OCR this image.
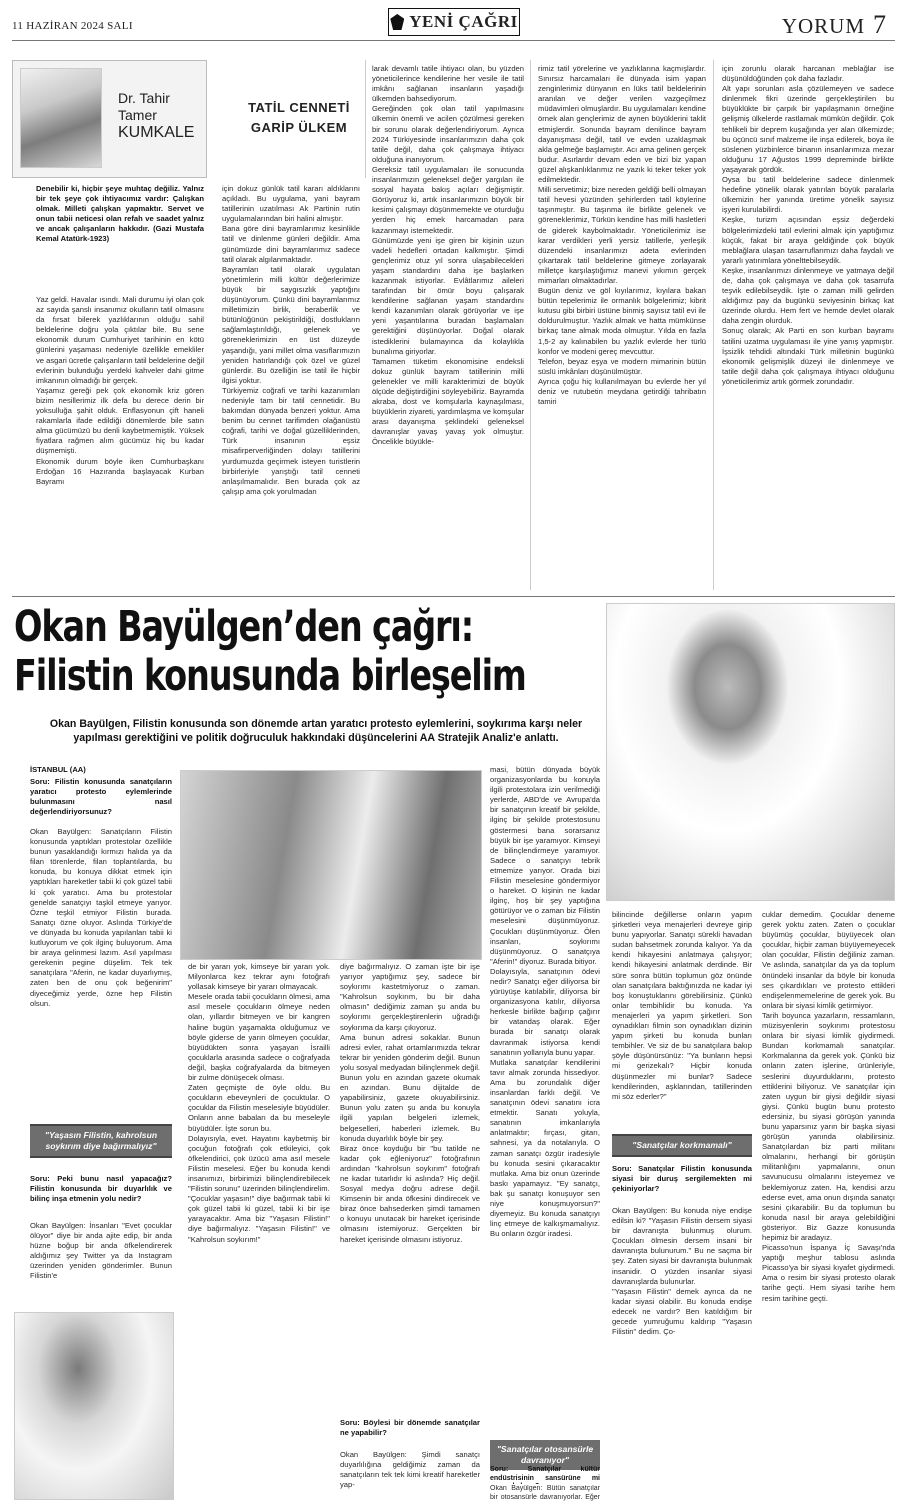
11 HAZİRAN 2024 SALI	YENİ ÇAĞRI	YORUM 7
Dr. Tahir
Tamer
KUMKALE
TATİL CENNETİ
GARİP ÜLKEM
Denebilir ki, hiçbir şeye muhtaç değiliz. Yalnız bir tek şeye çok ihtiyacımız vardır: Çalışkan olmak. Milleti çalışkan yapmaktır. Servet ve onun tabii neticesi olan refah ve saadet yalnız ve ancak çalışanların hakkıdır. (Gazi Mustafa Kemal Atatürk-1923)
Yaz geldi. Havalar ısındı. Mali durumu iyi olan çok az sayıda şanslı insanımız okulların tatil olmasını da fırsat bilerek yazlıklarının olduğu sahil beldelerine doğru yola çıktılar bile. Bu sene ekonomik durum Cumhuriyet tarihinin en kötü günlerini yaşaması nedeniyle özellikle emekliler ve asgari ücretle çalışanların tatil beldelerine değil evlerinin bulunduğu yerdeki kahveler dahi gitme imkanının olmadığı bir gerçek.
Yaşamız gereği pek çok ekonomik kriz gören bizim nesillerimiz ilk defa bu derece derin bir yoksulluğa şahit olduk. Enflasyonun çift haneli rakamlarla ifade edildiği dönemlerde bile satın alma gücümüzü bu denli kaybetmemiştik. Yüksek fiyatlara rağmen alım gücümüz hiç bu kadar düşmemişti.
Ekonomik durum böyle iken Cumhurbaşkanı Erdoğan 16 Hazıranda başlayacak Kurban Bayramı
için dokuz günlük tatil kararı aldıklarını açıkladı. Bu uygulama, yani bayram tatillerinin uzatılması Ak Partinin rutin uygulamalarından biri halini almıştır.
Bana göre dini bayramlarımız kesinlikle tatil ve dinlenme günleri değildir. Ama günümüzde dini bayramlarımız sadece tatil olarak algılanmaktadır.
Bayramları tatil olarak uygulatan yönetimlerin milli kültür değerlerimize büyük bir saygısızlık yaptığını düşünüyorum. Çünkü dini bayramlarımız milletimizin birlik, beraberlik ve bütünlüğünün pekiştirildiği, dostlukların sağlamlaştırıldığı, gelenek ve göreneklerimizin en üst düzeyde yaşandığı, yani millet olma vasıflarımızın yeniden hatırlandığı çok özel ve güzel günlerdir. Bu özelliğin ise tatil ile hiçbir ilgisi yoktur.
Türkiyemiz coğrafi ve tarihi kazanımları nedeniyle tam bir tatil cennetidir. Bu bakımdan dünyada benzeri yoktur. Ama benim bu cennet tarifimden olağanüstü coğrafi, tarihi ve doğal güzelliklerinden, Türk insanının eşsiz misafirperverliğinden dolayı tatillerini yurdumuzda geçirmek isteyen turistlerin birbirleriyle yarıştığı tatil cenneti anlaşılmamalıdır. Ben burada çok az çalışıp ama çok yorulmadan
larak devamlı tatile ihtiyacı olan, bu yüzden yöneticilerince kendilerine her vesile ile tatil imkânı sağlanan insanların yaşadığı ülkemden bahsediyorum.
Gereğinden çok olan tatil yapılmasını ülkemin önemli ve acilen çözülmesi gereken bir sorunu olarak değerlendiriyorum. Ayrıca 2024 Türkiyesinde insanlarımızın daha çok tatile değil, daha çok çalışmaya ihtiyacı olduğuna inanıyorum.
Gereksiz tatil uygulamaları ile sonucunda insanlarımızın geleneksel değer yargıları ile sosyal hayata bakış açıları değişmiştir. Görüyoruz ki, artık insanlarımızın büyük bir kesimi çalışmayı düşünmemekte ve oturduğu yerden hiç emek harcamadan para kazanmayı istemektedir.
Günümüzde yeni işe giren bir kişinin uzun vadeli hedefleri ortadan kalkmıştır. Şimdi gençlerimiz otuz yıl sonra ulaşabilecekleri yaşam standardını daha işe başlarken kazanmak istiyorlar. Evlâtlarımız aileleri tarafından bir ömür boyu çalışarak kendilerine sağlanan yaşam standardını kendi kazanımları olarak görüyorlar ve işe yeni yaşantılarına buradan başlamaları gerektiğini düşünüyorlar. Doğal olarak istediklerini bulamayınca da kolaylıkla bunalıma giriyorlar.
Tamamen tüketim ekonomisine endeksli dokuz günlük bayram tatillerinin milli gelenekler ve milli karakterimizi de büyük ölçüde değiştirdiğini söyleyebiliriz. Bayramda akraba, dost ve komşularla kaynaşılması, büyüklerin ziyareti, yardımlaşma ve komşular arası dayanışma şeklindeki geleneksel davranışlar yavaş yavaş yok olmuştur. Öncelikle büyükle-
rimiz tatil yörelerine ve yazlıklarına kaçmışlardır. Sınırsız harcamaları ile dünyada isim yapan zenginlerimiz dünyanın en lüks tatil beldelerinin aranılan ve değer verilen vazgeçilmez müdavimleri olmuşlardır. Bu uygulamaları kendine örnek alan gençlerimiz de aynen büyüklerini taklit etmişlerdir. Sonunda bayram denilince bayram dayanışması değil, tatil ve evden uzaklaşmak akla gelmeğe başlamıştır. Acı ama gelinen gerçek budur. Asırlardır devam eden ve bizi biz yapan güzel alışkanlıklarımız ne yazık ki teker teker yok edilmektedir.
Milli servetimiz; bize nereden geldiği belli olmayan tatil hevesi yüzünden şehirlerden tatil köylerine taşınmıştır. Bu taşınma ile birlikte gelenek ve göreneklerimiz, Türkün kendine has milli hasletleri de giderek kaybolmaktadır. Yöneticilerimiz ise karar verdikleri yerli yersiz tatillerle, yerleşik düzendeki insanlarımızı adeta evlerinden çıkartarak tatil beldelerine gitmeye zorlayarak milletçe karşılaştığımız manevi yıkımın gerçek mimarları olmaktadırlar.
Bugün deniz ve göl kıyılarımız, kıyılara bakan bütün tepelerimiz ile ormanlık bölgelerimiz; kibrit kutusu gibi birbiri üstüne binmiş sayısız tatil evi ile doldurulmuştur. Yazlık almak ve hatta mümkünse birkaç tane almak moda olmuştur. Yılda en fazla 1,5-2 ay kalınabilen bu yazlık evlerde her türlü konfor ve modeni gereç mevcuttur.
Telefon, beyaz eşya ve modern mimarinin bütün süslü imkânları düşünülmüştür.
Ayrıca çoğu hiç kullanılmayan bu evlerde her yıl deniz ve rutubetin meydana getirdiği tahribatın tamiri
için zorunlu olarak harcanan meblağlar ise düşünüldüğünden çok daha fazladır.
Alt yapı sorunları asla çözülemeyen ve sadece dinlenmek fikri üzerinde gerçekleştirilen bu büyüklükte bir çarpık bir yapılaşmanın örneğine gelişmiş ülkelerde rastlamak mümkün değildir. Çok tehlikeli bir deprem kuşağında yer alan ülkemizde; bu üçüncü sınıf malzeme ile inşa edilerek, boya ile süslenen yüzbinlerce binanın insanlarımıza mezar olduğunu 17 Ağustos 1999 depreminde birlikte yaşayarak gördük.
Oysa bu tatil beldelerine sadece dinlenmek hedefine yönelik olarak yatırılan büyük paralarla ülkemizin her yanında üretime yönelik sayısız işyeri kurulabilirdi.
Keşke, turizm açısından eşsiz değerdeki bölgelerimizdeki tatil evlerini almak için yaptığımız küçük, fakat bir araya geldiğinde çok büyük meblağlara ulaşan tasarruflarımızı daha faydalı ve yararlı yatırımlara yönelttebilseydik.
Keşke, insanlarımızı dinlenmeye ve yatmaya değil de, daha çok çalışmaya ve daha çok tasarrufa teşvik edilebilseydik. İşte o zaman milli gelirden aldığımız pay da bugünkü seviyesinin birkaç kat üzerinde olurdu. Hem fert ve hemde devlet olarak daha zengin olurduk.
Sonuç olarak; Ak Parti en son kurban bayramı tatilini uzatma uygulaması ile yine yanış yapmıştır. İşsizlik tehdidi altındaki Türk milletinin bugünkü ekonomik gelişmişlik düzeyi ile dinlenmeye ve tatile değil daha çok çalışmaya ihtiyacı olduğunu yöneticilerimiz artık görmek zorundadır.
Okan Bayülgen’den çağrı:
Filistin konusunda birleşelim
Okan Bayülgen, Filistin konusunda son dönemde artan yaratıcı protesto eylemlerini, soykırıma karşı neler yapılması gerektiğini ve politik doğruculuk hakkındaki düşüncelerini AA Stratejik Analiz'e anlattı.
İSTANBUL (AA)
Soru: Filistin konusunda sanatçıların yaratıcı protesto eylemlerinde bulunmasını nasıl değerlendiriyorsunuz?
Okan Bayülgen: Sanatçıların Filistin konusunda yaptıkları protestolar özellikle bunun yasaklandığı kırmızı halıda ya da filan törenlerde, filan toplantılarda, bu konuda, bu konuya dikkat etmek için yaptıkları hareketler tabii ki çok güzel tabii ki çok yaratıcı. Ama bu protestolar genelde sanatçıyı taşkil etmeye yarıyor. Özne teşkil etmiyor Filistin burada. Sanatçı özne oluyor. Aslında Türkiye'de ve dünyada bu konuda yapılanları tabii ki kutluyorum ve çok ilginç buluyorum. Ama bir araya gelinmesi lazım. Asıl yapılması gerekenin pegine düşelim. Tek tek sanatçılara "Aferin, ne kadar duyarlıymış, zaten ben de onu çok beğenirim" diyeceğimiz yerde, özne hep Filistin olsun.
"Yaşasın Filistin, kahrolsun soykırım diye bağırmalıyız"
Soru: Peki bunu nasıl yapacağız? Filistin konusunda bir duyarlılık ve bilinç inşa etmenin yolu nedir?
Okan Bayülgen: İnsanları "Evet çocuklar ölüyor" diye bir anda ajite edip, bir anda hüzne boğup bir anda öfkelendirerek aldığımız şey Twitter ya da Instagram üzerinden yeniden gönderimler. Bunun Filistin'e
de bir yararı yok, kimseye bir yararı yok. Milyonlarca kez tekrar aynı fotoğrafı yollasak kimseye bir yararı olmayacak.
Mesele orada tabii çocukların ölmesi, ama asıl mesele çocukların ölmeye neden olan, yıllardır bitmeyen ve bir kangren haline bugün yaşamakta olduğumuz ve böyle giderse de yarın ölmeyen çocuklar, büyüdükten sonra yaşayan İsrailli çocuklarla arasında sadece o coğrafyada değil, başka coğrafyalarda da bitmeyen bir zulme dönüşecek olması.
Zaten geçmişte de öyle oldu. Bu çocukların ebeveynleri de çocuktular. O çocuklar da Filistin meselesiyle büyüdüler. Onların anne babaları da bu meseleyle büyüdüler. İşte sorun bu.
Dolayısıyla, evet. Hayatını kaybetmiş bir çocuğun fotoğrafı çok etkileyici, çok öfkelendirici, çok üzücü ama asıl mesele Filistin meselesi. Eğer bu konuda kendi insanımızı, birbirimizi bilinçlendirebilecek "Filistin sorunu" üzerinden bilinçlendirelim.
"Çocuklar yaşasın!" diye bağırmak tabii ki çok güzel tabii ki güzel, tabii ki bir işe yarayacaktır. Ama biz "Yaşasın Filistin!" diye bağırmalıyız. "Yaşasın Filistin!" ve "Kahrolsun soykırım!"
diye bağırmalıyız. O zaman işte bir işe yarıyor yaptığımız şey, sadece bir soykırımı kastetmiyoruz o zaman. "Kahrolsun soykırım, bu bir daha olmasın" dediğimiz zaman şu anda bu soykırımı gerçekleştirenlerin uğradığı soykırıma da karşı çıkıyoruz.
Ama bunun adresi sokaklar. Bunun adresi evler, rahat ortamlarımızda tekrar tekrar bir yeniden gönderim değil. Bunun yolu sosyal medyadan bilinçlenmek değil. Bunun yolu en azından gazete okumak en azından. Bunu dijitalde de yapabilirsiniz, gazete okuyabilirsiniz. Bunun yolu zaten şu anda bu konuyla ilgili yapılan belgeleri izlemek, belgeselleri, haberleri izlemek. Bu konuda duyarlılık böyle bir şey.
Biraz önce koyduğu bir "bu tatilde ne kadar çok eğleniyoruz" fotoğrafının ardından "kahrolsun soykırım" fotoğrafı ne kadar tutarlıdır ki aslında? Hiç değil. Sosyal medya doğru adrese değil. Kimsenin bir anda öfkesini dindirecek ve biraz önce bahsederken şimdi tamamen o konuyu unutacak bir hareket içerisinde olmasını istemiyoruz. Gerçekten bir hareket içerisinde olmasını istiyoruz.
Soru: Böylesi bir dönemde sanatçılar ne yapabilir?
Okan Bayülgen: Şimdi sanatçı duyarlılığına geldiğimiz zaman da sanatçıların tek tek kimi kreatif hareketler yap-
masi, bütün dünyada büyük organizasyonlarda bu konuyla ilgili protestolara izin verilmediği yerlerde, ABD'de ve Avrupa'da bir sanatçının kreatif bir şekilde, ilginç bir şekilde protestosunu göstermesi bana sorarsanız büyük bir işe yaramıyor. Kimseyi de bilinçlendirmeye yaramıyor. Sadece o sanatçıyı tebrik etmemize yarıyor. Orada bizi Filistin meselesine göndermiyor o hareket. O kişinin ne kadar ilginç, hoş bir şey yaptığına götürüyor ve o zaman biz Filistin meselesini düşünmüyoruz. Çocukları düşünmüyoruz. Ölen insanları, soykırımı düşünmüyoruz. O sanatçıya "Aferin!" diyoruz. Burada bitiyor.
Dolayısıyla, sanatçının ödevi nedir? Sanatçı eğer diliyorsa bir yürüyüşe katılabilir, diliyorsa bir organizasyona katılır, diliyorsa herkesle birlikte bağırıp çağırır bir vatandaş olarak. Eğer burada bir sanatçı olarak davranmak istiyorsa kendi sanatının yollarıyla bunu yapar.
Mutlaka sanatçılar kendilerini tavır almak zorunda hissediyor. Ama bu zorundalık diğer insanlardan farklı değil. Ve sanatçının ödevi sanatını icra etmektir. Sanatı yoluyla, sanatının imkanlarıyla anlatmaktır; fırçası, gitarı, sahnesi, ya da notalarıyla. O zaman sanatçı özgür iradesiyle bu konuda sesini çıkaracaktır mutlaka. Ama biz onun üzerinde baskı yapamayız. "Ey sanatçı, bak şu sanatçı konuşuyor sen niye konuşmuyorsun?" diyemeyiz. Bu konuda sanatçıyı linç etmeye de kalkışmamalıyız. Bu onların özgür iradesi.
"Sanatçılar otosansürle davranıyor"
Soru: Sanatçılar kültür endüstrisinin sansürüne mi
Okan Bayülgen: Bütün sanatçılar bir otosansürle davranıyorlar. Eğer
bilincinde değillerse onların yapım şirketleri veya menajerleri devreye girip bunu yapıyorlar. Sanatçı sürekli havadan sudan bahsetmek zorunda kalıyor. Ya da kendi hikayesini anlatmaya çalışıyor; kendi hikayesini anlatmak derdinde. Bir süre sonra bütün toplumun göz önünde olan sanatçılara baktığınızda ne kadar iyi boş konuştuklarını görebilirsiniz. Çünkü onlar tembihlidir bu konuda. Ya menajerleri ya yapım şirketleri. Son oynadıkları filmin son oynadıkları dizinin yapım şirketi bu konuda bunları tembihler. Ve siz de bu sanatçılara bakıp şöyle düşünürsünüz: "Ya bunların hepsi mi gerizekalı? Hiçbir konuda düşünmezler mi bunlar? Sadece kendilerinden, aşklarından, tatillerinden mi söz ederler?"
"Sanatçılar korkmamalı"
Soru: Sanatçılar Filistin konusunda siyasi bir duruş sergilemekten mi çekiniyorlar?
Okan Bayülgen: Bu konuda niye endişe edilsin ki? "Yaşasın Filistin dersem siyasi bir davranışta bulunmuş olurum. Çocukları ölmesin dersem insani bir davranışta bulunurum." Bu ne saçma bir şey. Zaten siyasi bir davranışta bulunmak insanidir. O yüzden insanlar siyasi davranışlarda bulunurlar.
"Yaşasın Filistin" demek ayrıca da ne kadar siyasi olabilir. Bu konuda endişe edecek ne vardır? Ben katıldığım bir gecede yumruğumu kaldırıp "Yaşasın Filistin" dedim. Ço-
cuklar demedim. Çocuklar deneme gerek yoktu zaten. Zaten o çocuklar büyümüş çocuklar, büyüyecek olan çocuklar, hiçbir zaman büyüyemeyecek olan çocuklar, Filistin değiliniz zaman. Ve aslında, sanatçılar da ya da toplum önündeki insanlar da böyle bir konuda ses çıkardıkları ve protesto ettikleri endişelenmemelerine de gerek yok. Bu onlara bir siyasi kimlik getirmiyor.
Tarih boyunca yazarların, ressamların, müzisyenlerin soykırımı protestosu onlara bir siyasi kimlik giydirmedi. Bundan korkmamalı sanatçılar. Korkmalarına da gerek yok. Çünkü biz onların zaten işlerine, ürünleriyle, seslerini duyurduklarını, protesto ettiklerini biliyoruz. Ve sanatçılar için zaten uygun bir giysi değildir siyasi giysi. Çünkü bugün bunu protesto edersiniz, bu siyasi görüşün yanında bunu yaparsınız yarın bir başka siyasi görüşün yanında olabilirsiniz. Sanatçılardan biz parti militanı olmalarını, herhangi bir görüşün militanlığını yapmalarını, onun savunucusu olmalarını isteyemez ve beklemiyoruz zaten. Ha, kendisi arzu ederse evet, ama onun dışında sanatçı sesini çıkarabilir. Bu da toplumun bu konuda nasıl bir araya gelebildiğini gösteriyor. Biz Gazze konusunda hepimiz bir aradayız.
Picasso'nun İspanya İç Savaşı'nda yaptığı meşhur tablosu aslında Picasso'ya bir siyasi kıyafet giydirmedi. Ama o resim bir siyasi protesto olarak tarihe geçti. Hem siyasi tarihe hem resim tarihine geçti.
